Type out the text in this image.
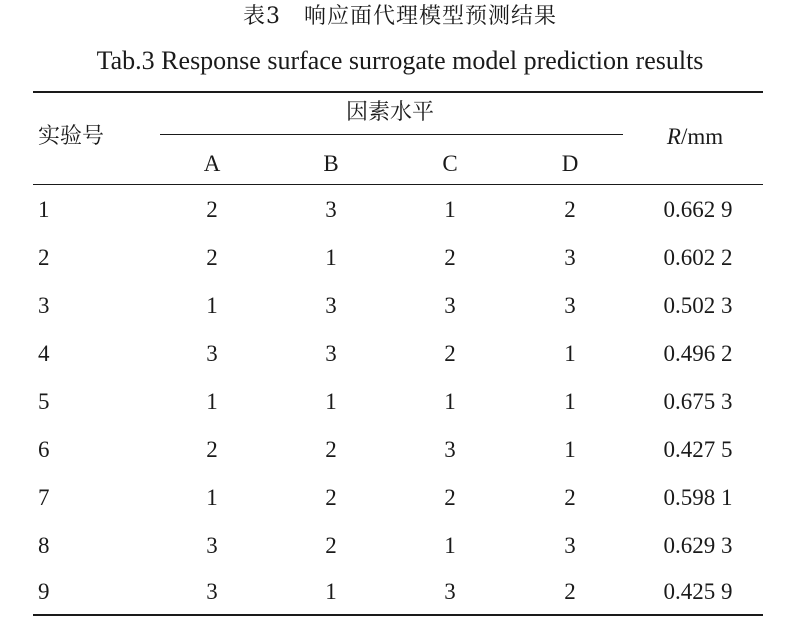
表3　响应面代理模型预测结果
Tab.3 Response surface surrogate model prediction results
实验号
因素水平
R/mm
A	B	C	D
1	2	3	1	2	0.662 9
2	2	1	2	3	0.602 2
3	1	3	3	3	0.502 3
4	3	3	2	1	0.496 2
5	1	1	1	1	0.675 3
6	2	2	3	1	0.427 5
7	1	2	2	2	0.598 1
8	3	2	1	3	0.629 3
9	3	1	3	2	0.425 9
